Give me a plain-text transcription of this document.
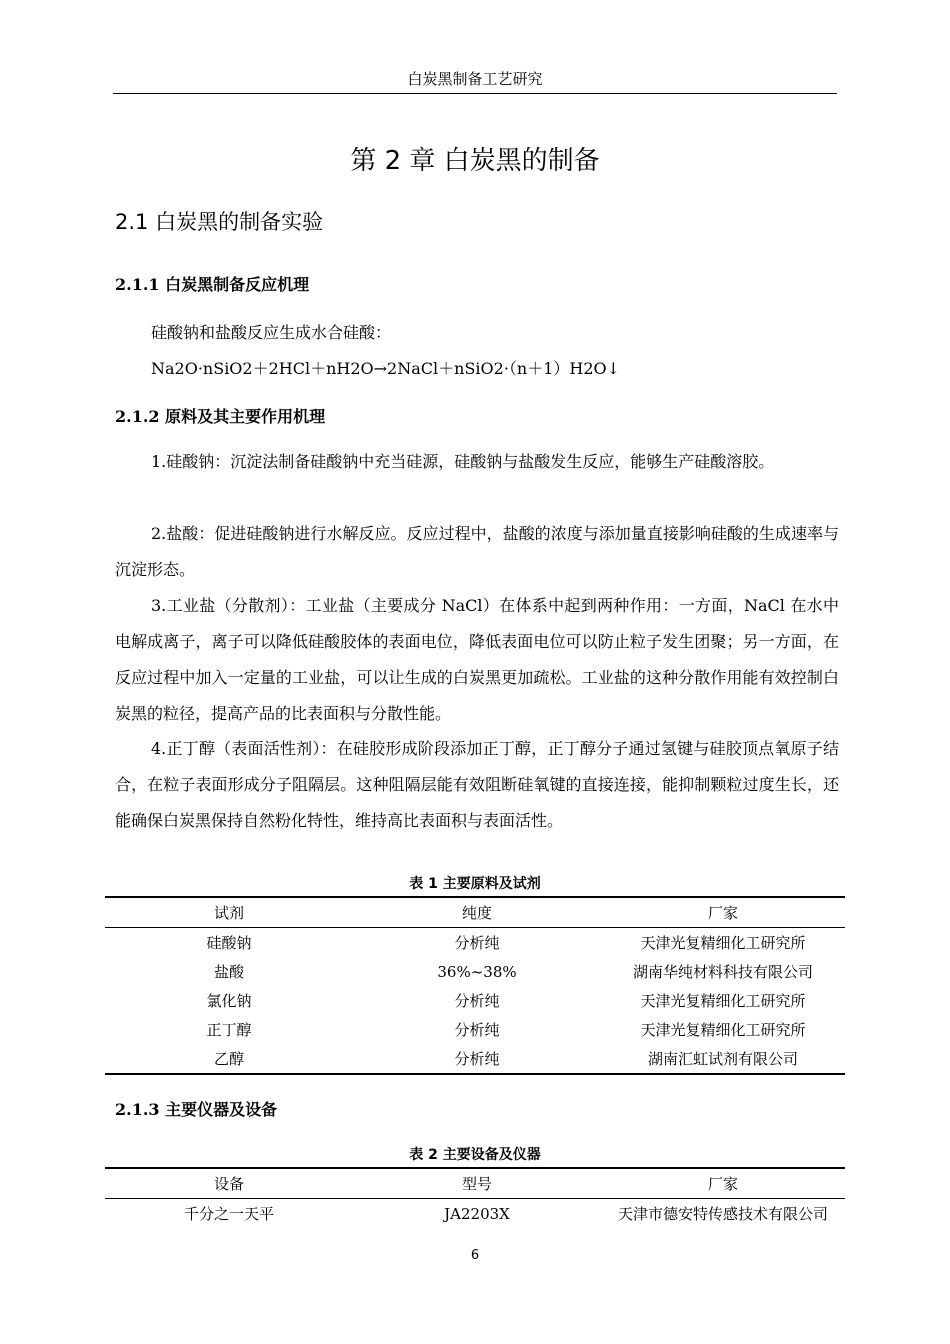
白炭黑制备工艺研究
第 2 章 白炭黑的制备
2.1 白炭黑的制备实验
2.1.1 白炭黑制备反应机理
硅酸钠和盐酸反应生成水合硅酸：
Na2O·nSiO2＋2HCl＋nH2O→2NaCl＋nSiO2·（n＋1）H2O↓
2.1.2 原料及其主要作用机理

1.硅酸钠：沉淀法制备硅酸钠中充当硅源，硅酸钠与盐酸发生反应，能够生产硅酸溶胶。

2.盐酸：促进硅酸钠进行水解反应。反应过程中，盐酸的浓度与添加量直接影响硅酸的生成速率与沉淀形态。

3.工业盐（分散剂）：工业盐（主要成分 NaCl）在体系中起到两种作用：一方面，NaCl 在水中电解成离子，离子可以降低硅酸胶体的表面电位，降低表面电位可以防止粒子发生团聚；另一方面，在反应过程中加入一定量的工业盐，可以让生成的白炭黑更加疏松。工业盐的这种分散作用能有效控制白炭黑的粒径，提高产品的比表面积与分散性能。

4.正丁醇（表面活性剂）：在硅胶形成阶段添加正丁醇，正丁醇分子通过氢键与硅胶顶点氧原子结合，在粒子表面形成分子阻隔层。这种阻隔层能有效阻断硅氧键的直接连接，能抑制颗粒过度生长，还能确保白炭黑保持自然粉化特性，维持高比表面积与表面活性。

表 1 主要原料及试剂
试剂	纯度	厂家
硅酸钠	分析纯	天津光复精细化工研究所
盐酸	36%~38%	湖南华纯材料科技有限公司
氯化钠	分析纯	天津光复精细化工研究所
正丁醇	分析纯	天津光复精细化工研究所
乙醇	分析纯	湖南汇虹试剂有限公司
2.1.3 主要仪器及设备
表 2 主要设备及仪器
设备	型号	厂家
千分之一天平	JA2203X	天津市德安特传感技术有限公司
6
